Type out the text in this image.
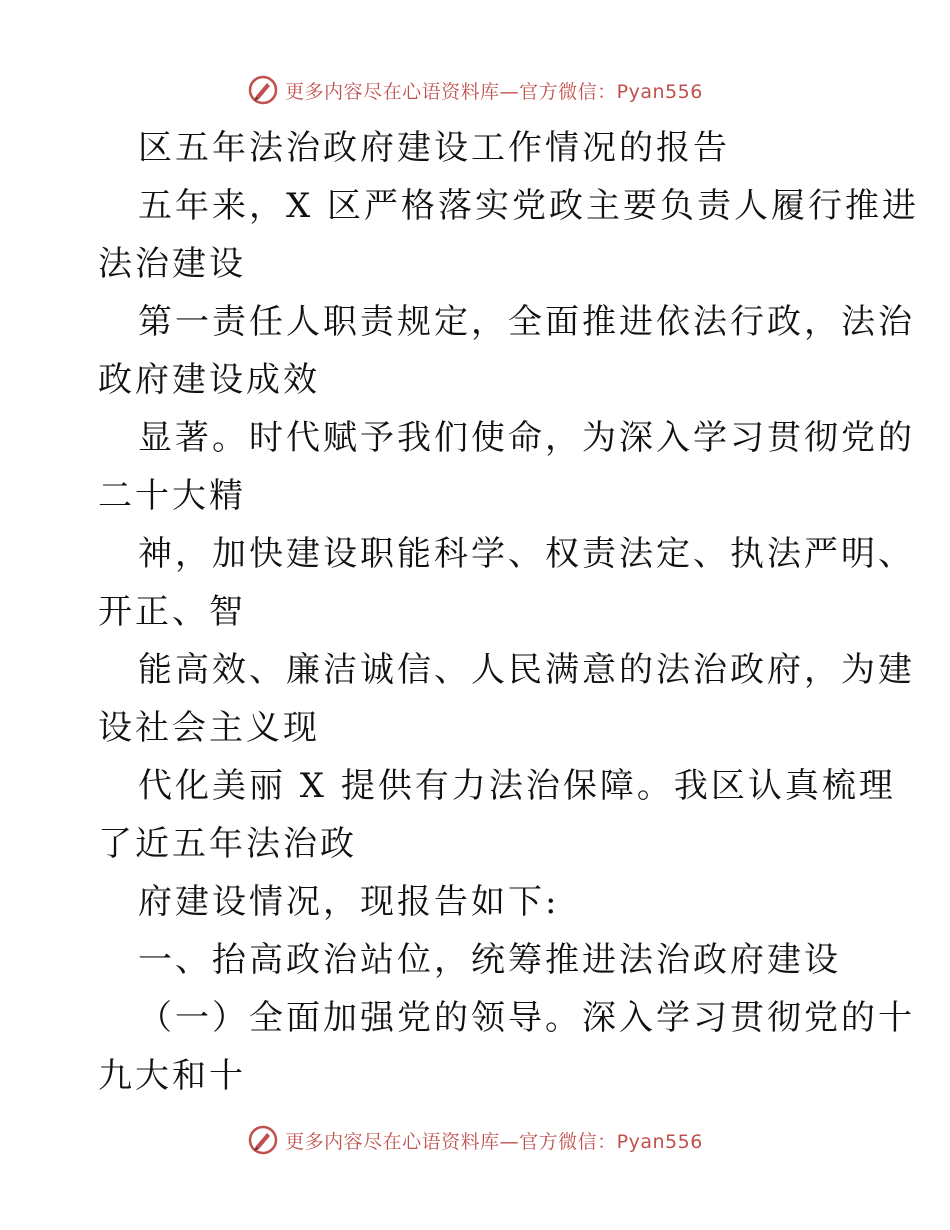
更多内容尽在心语资料库—官方微信：Pyan556
区五年法治政府建设工作情况的报告
五年来，X 区严格落实党政主要负责人履行推进
法治建设
第一责任人职责规定，全面推进依法行政，法治
政府建设成效
显著。时代赋予我们使命，为深入学习贯彻党的
二十大精
神，加快建设职能科学、权责法定、执法严明、
开正、智
能高效、廉洁诚信、人民满意的法治政府，为建
设社会主义现
代化美丽 X 提供有力法治保障。我区认真梳理
了近五年法治政
府建设情况，现报告如下:
一、抬高政治站位，统筹推进法治政府建设
（一）全面加强党的领导。深入学习贯彻党的十
九大和十
更多内容尽在心语资料库—官方微信：Pyan556
